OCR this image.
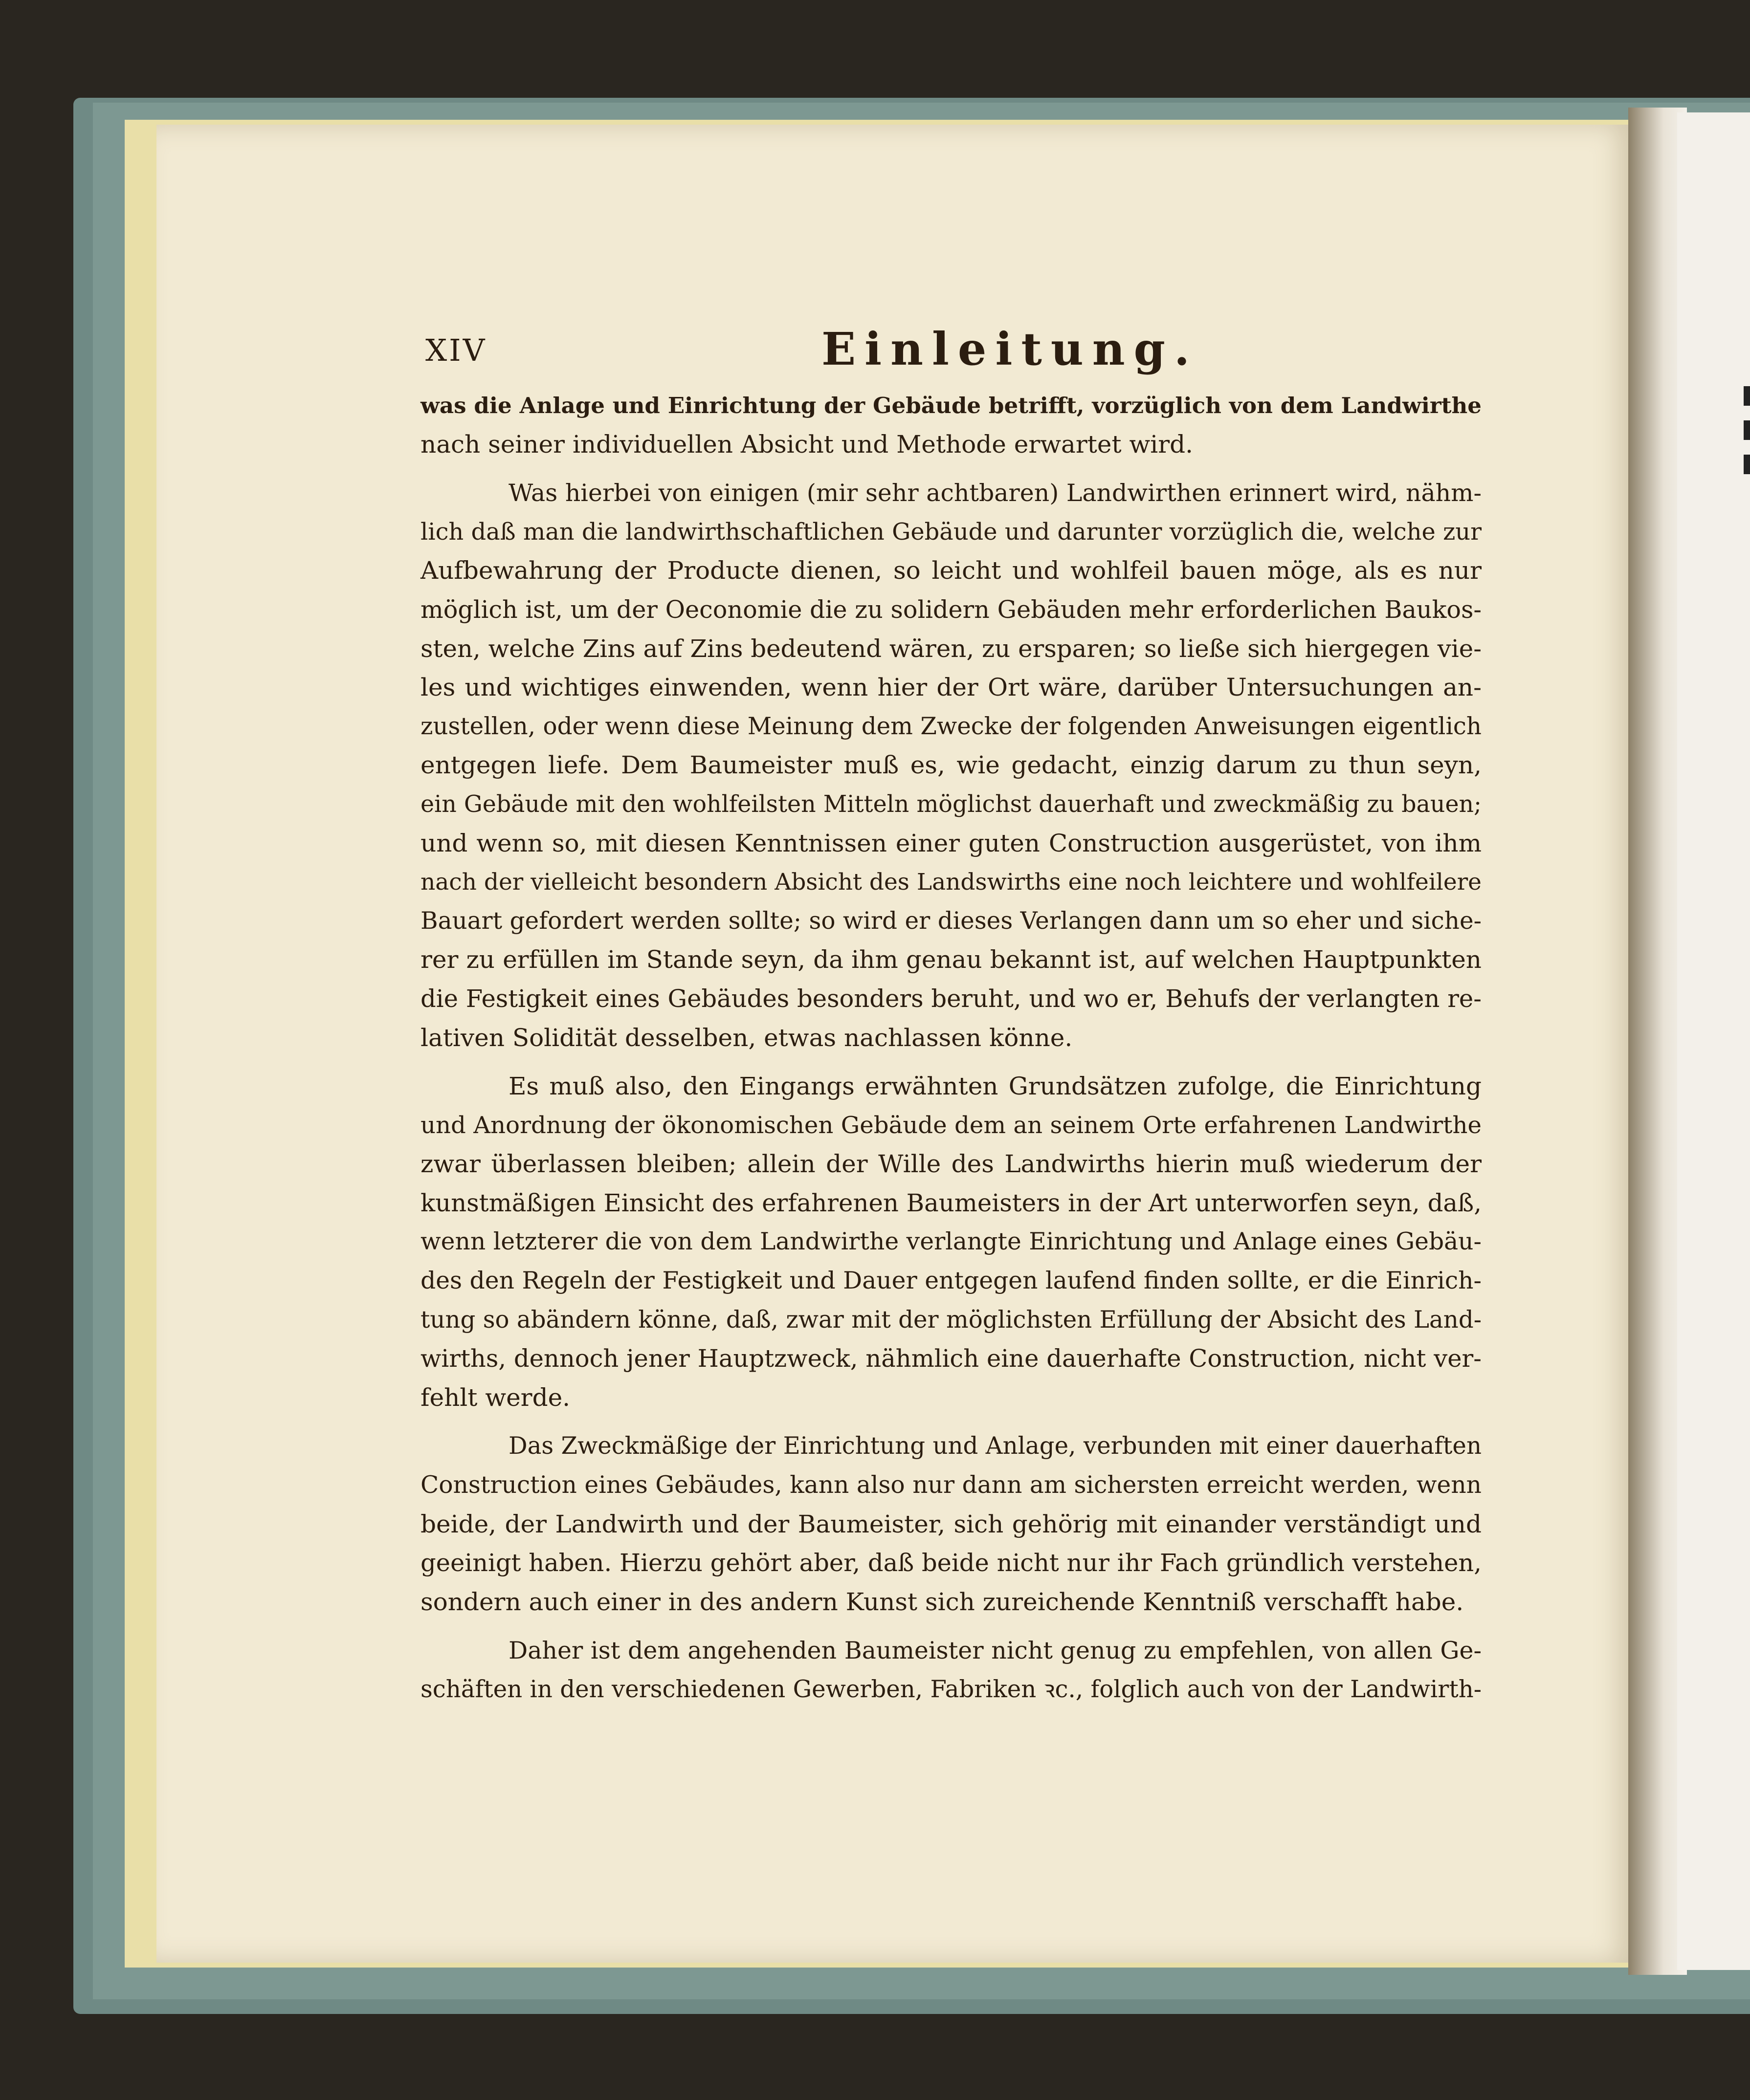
XIV	Einleitung.
was die Anlage und Einrichtung der Gebäude betrifft, vorzüglich von dem Landwirthe
nach seiner individuellen Absicht und Methode erwartet wird.
Was hierbei von einigen (mir sehr achtbaren) Landwirthen erinnert wird, nähm-
lich daß man die landwirthschaftlichen Gebäude und darunter vorzüglich die, welche zur
Aufbewahrung der Producte dienen, so leicht und wohlfeil bauen möge, als es nur
möglich ist, um der Oeconomie die zu solidern Gebäuden mehr erforderlichen Baukos-
sten, welche Zins auf Zins bedeutend wären, zu ersparen; so ließe sich hiergegen vie-
les und wichtiges einwenden, wenn hier der Ort wäre, darüber Untersuchungen an-
zustellen, oder wenn diese Meinung dem Zwecke der folgenden Anweisungen eigentlich
entgegen liefe. Dem Baumeister muß es, wie gedacht, einzig darum zu thun seyn,
ein Gebäude mit den wohlfeilsten Mitteln möglichst dauerhaft und zweckmäßig zu bauen;
und wenn so, mit diesen Kenntnissen einer guten Construction ausgerüstet, von ihm
nach der vielleicht besondern Absicht des Landswirths eine noch leichtere und wohlfeilere
Bauart gefordert werden sollte; so wird er dieses Verlangen dann um so eher und siche-
rer zu erfüllen im Stande seyn, da ihm genau bekannt ist, auf welchen Hauptpunkten
die Festigkeit eines Gebäudes besonders beruht, und wo er, Behufs der verlangten re-
lativen Solidität desselben, etwas nachlassen könne.
Es muß also, den Eingangs erwähnten Grundsätzen zufolge, die Einrichtung
und Anordnung der ökonomischen Gebäude dem an seinem Orte erfahrenen Landwirthe
zwar überlassen bleiben; allein der Wille des Landwirths hierin muß wiederum der
kunstmäßigen Einsicht des erfahrenen Baumeisters in der Art unterworfen seyn, daß,
wenn letzterer die von dem Landwirthe verlangte Einrichtung und Anlage eines Gebäu-
des den Regeln der Festigkeit und Dauer entgegen laufend finden sollte, er die Einrich-
tung so abändern könne, daß, zwar mit der möglichsten Erfüllung der Absicht des Land-
wirths, dennoch jener Hauptzweck, nähmlich eine dauerhafte Construction, nicht ver-
fehlt werde.
Das Zweckmäßige der Einrichtung und Anlage, verbunden mit einer dauerhaften
Construction eines Gebäudes, kann also nur dann am sichersten erreicht werden, wenn
beide, der Landwirth und der Baumeister, sich gehörig mit einander verständigt und
geeinigt haben. Hierzu gehört aber, daß beide nicht nur ihr Fach gründlich verstehen,
sondern auch einer in des andern Kunst sich zureichende Kenntniß verschafft habe.
Daher ist dem angehenden Baumeister nicht genug zu empfehlen, von allen Ge-
schäften in den verschiedenen Gewerben, Fabriken ꝛc., folglich auch von der Landwirth-
